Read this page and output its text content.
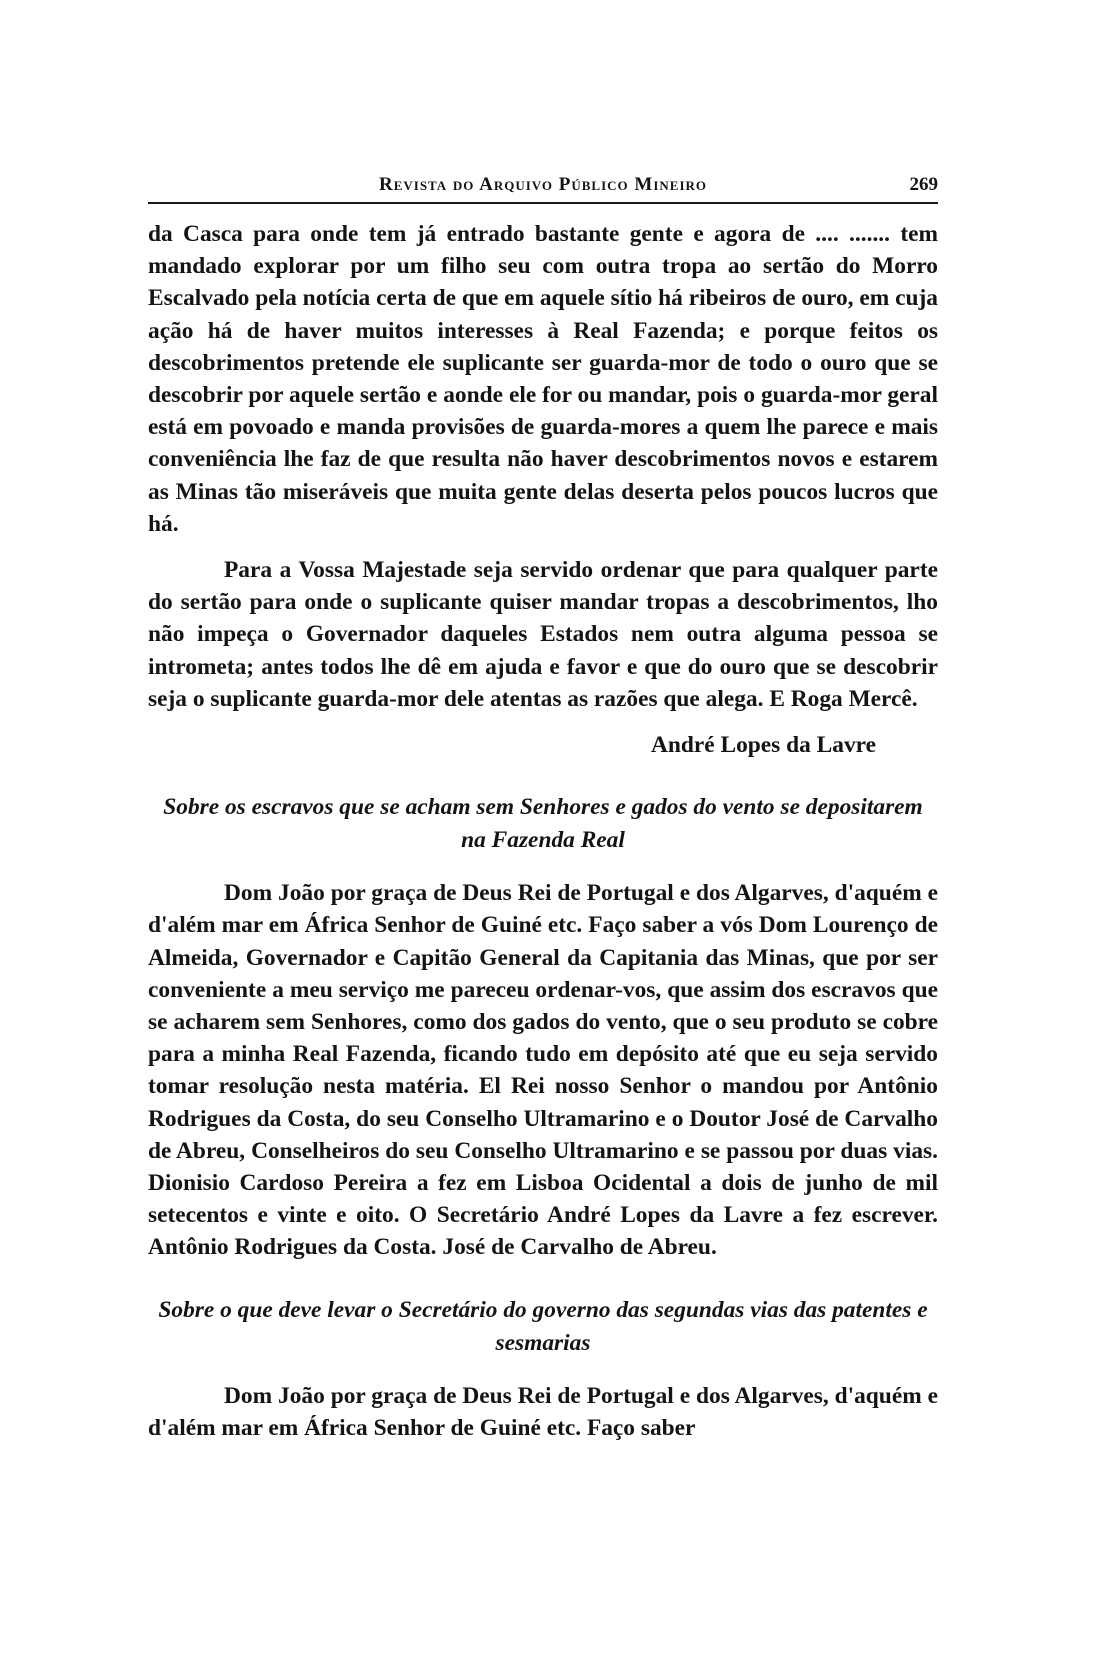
Revista do Arquivo Público Mineiro	269

da Casca para onde tem já entrado bastante gente e agora de .... ....... tem mandado explorar por um filho seu com outra tropa ao sertão do Morro Escalvado pela notícia certa de que em aquele sítio há ribeiros de ouro, em cuja ação há de haver muitos interesses à Real Fazenda; e porque feitos os descobrimentos pretende ele suplicante ser guarda-mor de todo o ouro que se descobrir por aquele sertão e aonde ele for ou mandar, pois o guarda-mor geral está em povoado e manda provisões de guarda-mores a quem lhe parece e mais conveniência lhe faz de que resulta não haver descobrimentos novos e estarem as Minas tão miseráveis que muita gente delas deserta pelos poucos lucros que há.

Para a Vossa Majestade seja servido ordenar que para qualquer parte do sertão para onde o suplicante quiser mandar tropas a descobrimentos, lho não impeça o Governador daqueles Estados nem outra alguma pessoa se intrometa; antes todos lhe dê em ajuda e favor e que do ouro que se descobrir seja o suplicante guarda-mor dele atentas as razões que alega. E Roga Mercê.

André Lopes da Lavre

Sobre os escravos que se acham sem Senhores e gados do vento se depositarem na Fazenda Real

Dom João por graça de Deus Rei de Portugal e dos Algarves, d'aquém e d'além mar em África Senhor de Guiné etc. Faço saber a vós Dom Lourenço de Almeida, Governador e Capitão General da Capitania das Minas, que por ser conveniente a meu serviço me pareceu ordenar-vos, que assim dos escravos que se acharem sem Senhores, como dos gados do vento, que o seu produto se cobre para a minha Real Fazenda, ficando tudo em depósito até que eu seja servido tomar resolução nesta matéria. El Rei nosso Senhor o mandou por Antônio Rodrigues da Costa, do seu Conselho Ultramarino e o Doutor José de Carvalho de Abreu, Conselheiros do seu Conselho Ultramarino e se passou por duas vias. Dionisio Cardoso Pereira a fez em Lisboa Ocidental a dois de junho de mil setecentos e vinte e oito. O Secretário André Lopes da Lavre a fez escrever. Antônio Rodrigues da Costa. José de Carvalho de Abreu.

Sobre o que deve levar o Secretário do governo das segundas vias das patentes e sesmarias

Dom João por graça de Deus Rei de Portugal e dos Algarves, d'aquém e d'além mar em África Senhor de Guiné etc. Faço saber
